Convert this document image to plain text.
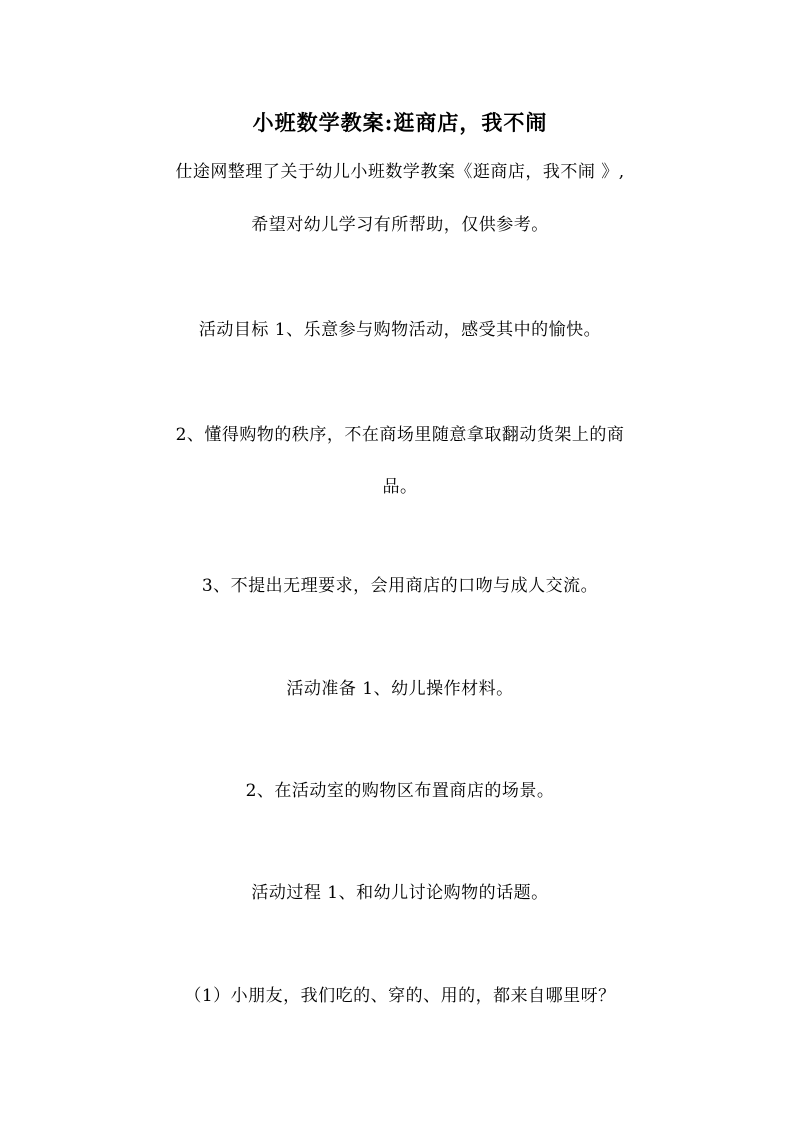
小班数学教案:逛商店，我不闹
仕途网整理了关于幼儿小班数学教案《逛商店，我不闹 》,
希望对幼儿学习有所帮助，仅供参考。
活动目标 1、乐意参与购物活动，感受其中的愉快。
2、懂得购物的秩序，不在商场里随意拿取翻动货架上的商
品。
3、不提出无理要求，会用商店的口吻与成人交流。
活动准备 1、幼儿操作材料。
2、在活动室的购物区布置商店的场景。
活动过程 1、和幼儿讨论购物的话题。
（1）小朋友，我们吃的、穿的、用的，都来自哪里呀？
